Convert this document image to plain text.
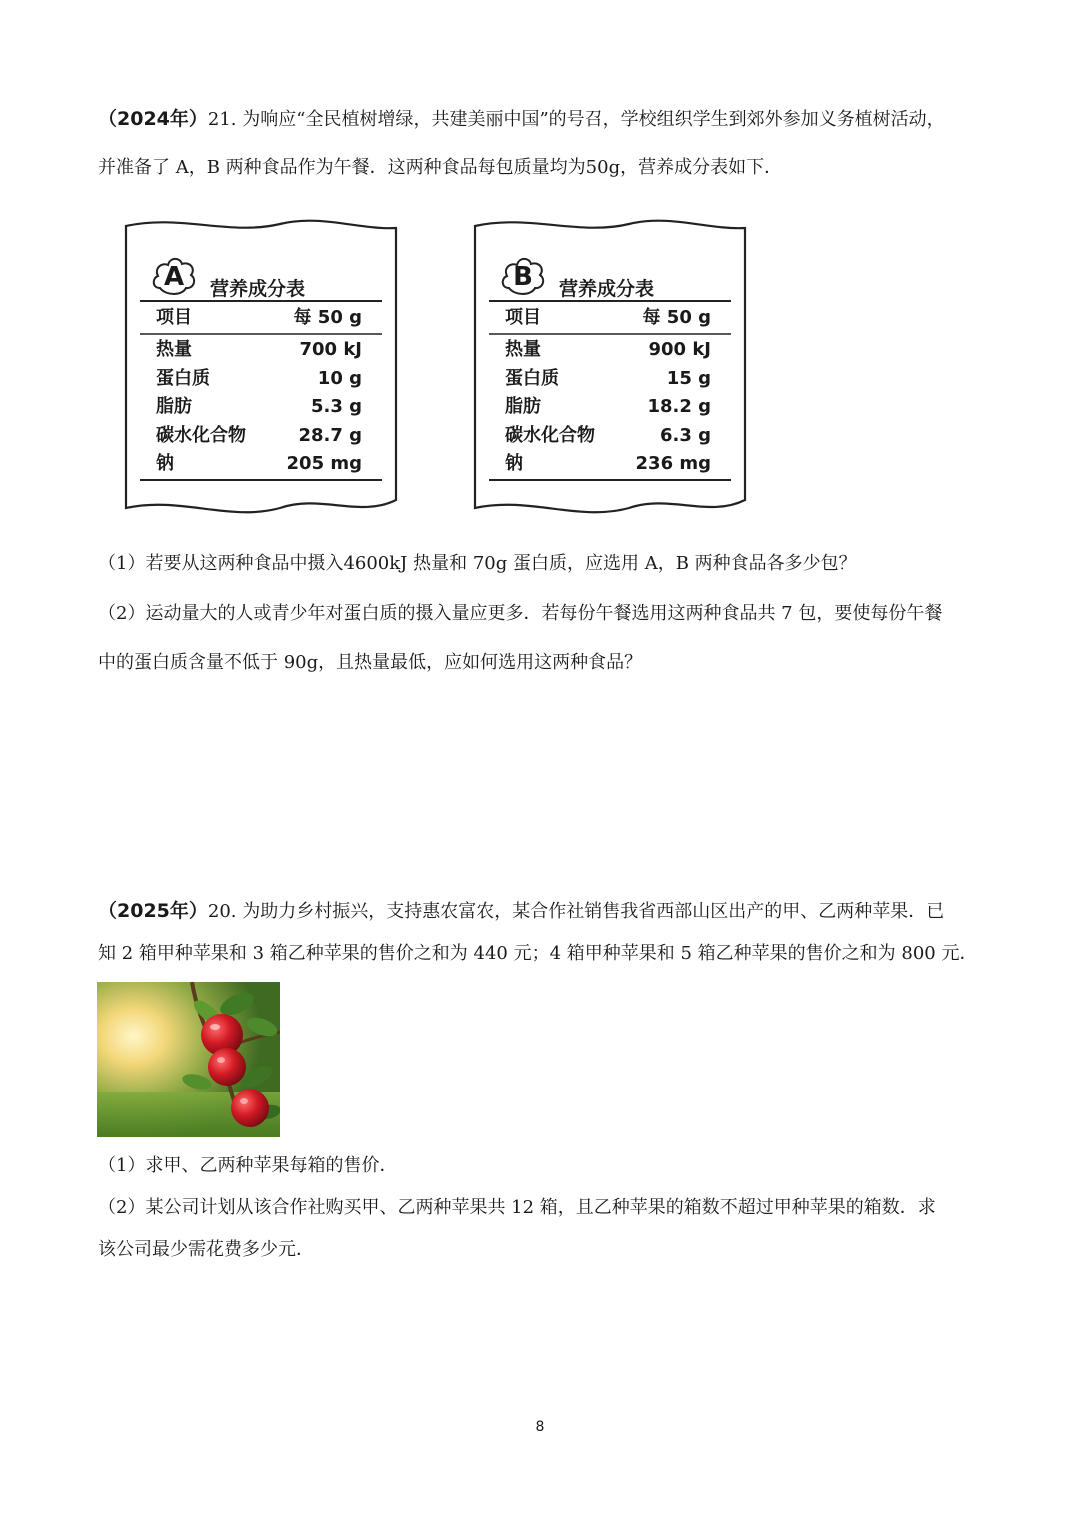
（2024年）21. 为响应“全民植树增绿，共建美丽中国”的号召，学校组织学生到郊外参加义务植树活动，
并准备了 A，B 两种食品作为午餐．这两种食品每包质量均为50g，营养成分表如下．
A	营养成分表
项目	每 50 g
热量	700 kJ
蛋白质	10 g
脂肪	5.3 g
碳水化合物	28.7 g
钠	205 mg
B	营养成分表
项目	每 50 g
热量	900 kJ
蛋白质	15 g
脂肪	18.2 g
碳水化合物	6.3 g
钠	236 mg
（1）若要从这两种食品中摄入4600kJ 热量和 70g 蛋白质，应选用 A，B 两种食品各多少包？
（2）运动量大的人或青少年对蛋白质的摄入量应更多．若每份午餐选用这两种食品共 7 包，要使每份午餐
中的蛋白质含量不低于 90g，且热量最低，应如何选用这两种食品？
（2025年）20. 为助力乡村振兴，支持惠农富农，某合作社销售我省西部山区出产的甲、乙两种苹果．已
知 2 箱甲种苹果和 3 箱乙种苹果的售价之和为 440 元；4 箱甲种苹果和 5 箱乙种苹果的售价之和为 800 元．
（1）求甲、乙两种苹果每箱的售价．
（2）某公司计划从该合作社购买甲、乙两种苹果共 12 箱，且乙种苹果的箱数不超过甲种苹果的箱数．求
该公司最少需花费多少元．
8
